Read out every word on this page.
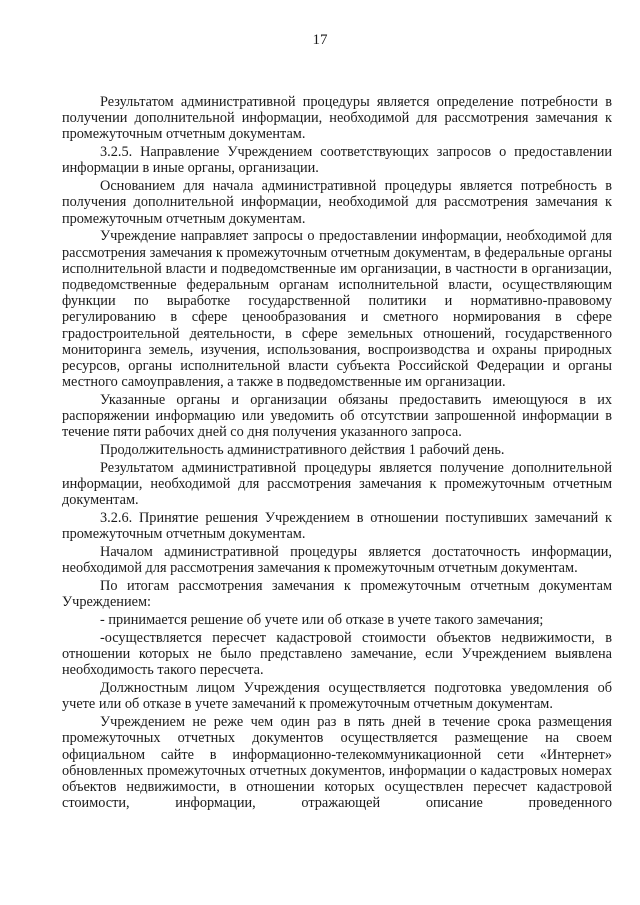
17

Результатом административной процедуры является определение потребности в получении дополнительной информации, необходимой для рассмотрения замечания к промежуточным отчетным документам.

3.2.5. Направление Учреждением соответствующих запросов о предоставлении информации в иные органы, организации.

Основанием для начала административной процедуры является потребность в получения дополнительной информации, необходимой для рассмотрения замечания к промежуточным отчетным документам.

Учреждение направляет запросы о предоставлении информации, необходимой для рассмотрения замечания к промежуточным отчетным документам, в федеральные органы исполнительной власти и подведомственные им организации, в частности в организации, подведомственные федеральным органам исполнительной власти, осуществляющим функции по выработке государственной политики и нормативно-правовому регулированию в сфере ценообразования и сметного нормирования в сфере градостроительной деятельности, в сфере земельных отношений, государственного мониторинга земель, изучения, использования, воспроизводства и охраны природных ресурсов, органы исполнительной власти субъекта Российской Федерации и органы местного самоуправления, а также в подведомственные им организации.

Указанные органы и организации обязаны предоставить имеющуюся в их распоряжении информацию или уведомить об отсутствии запрошенной информации в течение пяти рабочих дней со дня получения указанного запроса.

Продолжительность административного действия 1 рабочий день.

Результатом административной процедуры является получение дополнительной информации, необходимой для рассмотрения замечания к промежуточным отчетным документам.

3.2.6. Принятие решения Учреждением в отношении поступивших замечаний к промежуточным отчетным документам.

Началом административной процедуры является достаточность информации, необходимой для рассмотрения замечания к промежуточным отчетным документам.

По итогам рассмотрения замечания к промежуточным отчетным документам Учреждением:

- принимается решение об учете или об отказе в учете такого замечания;

-осуществляется пересчет кадастровой стоимости объектов недвижимости, в отношении которых не было представлено замечание, если Учреждением выявлена необходимость такого пересчета.

Должностным лицом Учреждения осуществляется подготовка уведомления об учете или об отказе в учете замечаний к промежуточным отчетным документам.

Учреждением не реже чем один раз в пять дней в течение срока размещения промежуточных отчетных документов осуществляется размещение на своем официальном сайте в информационно-телекоммуникационной сети «Интернет» обновленных промежуточных отчетных документов, информации о кадастровых номерах объектов недвижимости, в отношении которых осуществлен пересчет кадастровой стоимости, информации, отражающей описание проведенного
